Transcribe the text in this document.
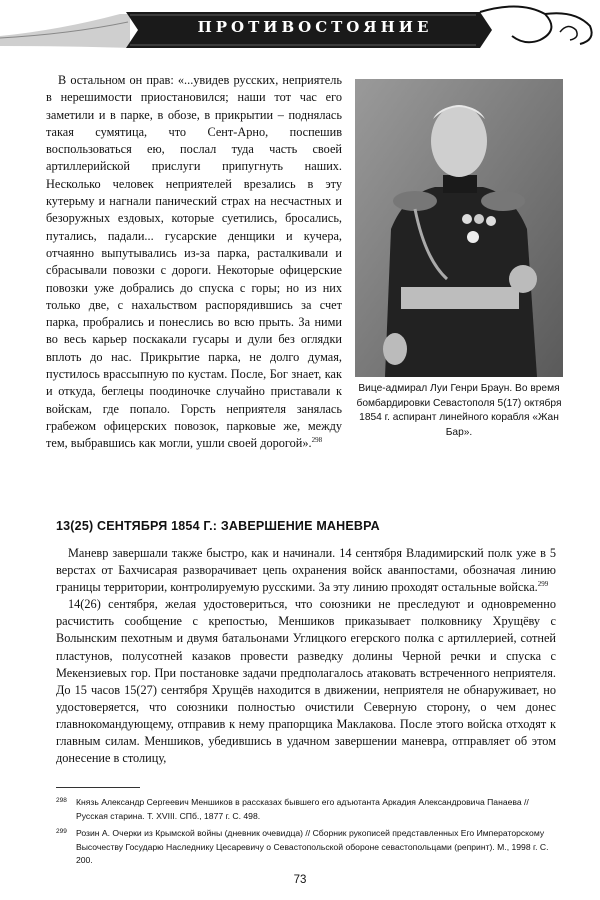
ПРОТИВОСТОЯНИЕ

В остальном он прав: «...увидев русских, неприятель в нерешимости приостановился; наши тот час его заметили и в парке, в обозе, в прикрытии – поднялась такая сумятица, что Сент-Арно, поспешив воспользоваться ею, послал туда часть своей артиллерийской прислуги припугнуть наших. Несколько человек неприятелей врезались в эту кутерьму и нагнали панический страх на несчастных и безоружных ездовых, которые суетились, бросались, путались, падали... гусарские денщики и кучера, отчаянно выпутывались из-за парка, расталкивали и сбрасывали повозки с дороги. Некоторые офицерские повозки уже добрались до спуска с горы; но из них только две, с нахальством распорядившись за счет парка, пробрались и понеслись во всю прыть. За ними во весь карьер поскакали гусары и дули без оглядки вплоть до нас. Прикрытие парка, не долго думая, пустилось врассыпную по кустам. После, Бог знает, как и откуда, беглецы поодиночке случайно приставали к войскам, где попало. Горсть неприятеля занялась грабежом офицерских повозок, парковые же, между тем, выбравшись как могли, ушли своей дорогой».$^{298}$

Вице-адмирал Луи Генри Браун. Во время бомбардировки Севастополя 5(17) октября 1854 г. аспирант линейного корабля «Жан Бар».
13(25) СЕНТЯБРЯ 1854 Г.: ЗАВЕРШЕНИЕ МАНЕВРА

Маневр завершали также быстро, как и начинали. 14 сентября Владимирский полк уже в 5 верстах от Бахчисарая разворачивает цепь охранения войск аванпостами, обозначая линию границы территории, контролируемую русскими. За эту линию проходят остальные войска.$^{299}$

14(26) сентября, желая удостовериться, что союзники не преследуют и одновременно расчистить сообщение с крепостью, Меншиков приказывает полковнику Хрущёву с Волынским пехотным и двумя батальонами Углицкого егерского полка с артиллерией, сотней пластунов, полусотней казаков провести разведку долины Черной речки и спуска с Мекензиевых гор. При постановке задачи предполагалось атаковать встреченного неприятеля. До 15 часов 15(27) сентября Хрущёв находится в движении, неприятеля не обнаруживает, но удостоверяется, что союзники полностью очистили Северную сторону, о чем донес главнокомандующему, отправив к нему прапорщика Маклакова. После этого войска отходят к главным силам. Меншиков, убедившись в удачном завершении маневра, отправляет об этом донесение в столицу,

298 Князь Александр Сергеевич Меншиков в рассказах бывшего его адъютанта Аркадия Александровича Панаева // Русская старина. Т. XVIII. СПб., 1877 г. С. 498.
299 Розин А. Очерки из Крымской войны (дневник очевидца) // Сборник рукописей представленных Его Императорскому Высочеству Государю Наследнику Цесаревичу о Севастопольской обороне севастопольцами (репринт). М., 1998 г. С. 200.
73
